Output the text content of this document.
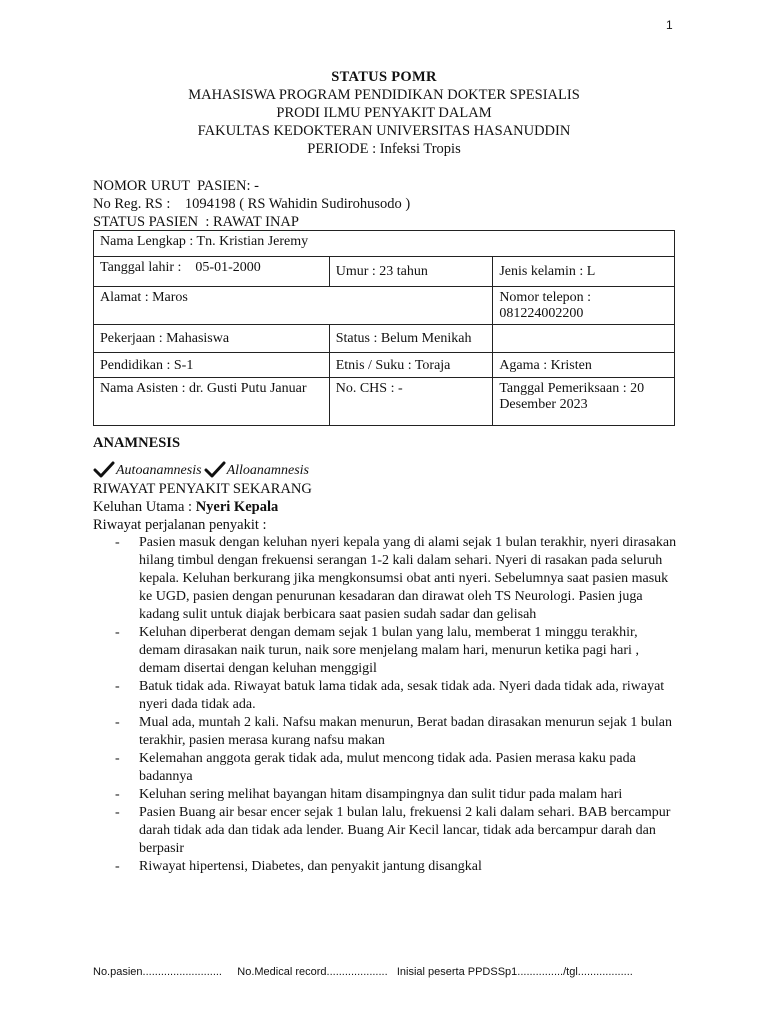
1
STATUS POMR
MAHASISWA PROGRAM PENDIDIKAN DOKTER SPESIALIS
PRODI ILMU PENYAKIT DALAM
FAKULTAS KEDOKTERAN UNIVERSITAS HASANUDDIN
PERIODE : Infeksi Tropis
NOMOR URUT  PASIEN: -
No Reg. RS :    1094198 ( RS Wahidin Sudirohusodo )
STATUS PASIEN  : RAWAT INAP
Nama Lengkap : Tn. Kristian Jeremy		
Tanggal lahir :    05-01-2000	Umur : 23 tahun	Jenis kelamin : L
Alamat : Maros		Nomor telepon : 081224002200
Pekerjaan : Mahasiswa	Status : Belum Menikah	
Pendidikan : S-1	Etnis / Suku : Toraja	Agama : Kristen
Nama Asisten : dr. Gusti Putu Januar	No. CHS : -	Tanggal Pemeriksaan : 20 Desember 2023
ANAMNESIS
Autoanamnesis Alloanamnesis
RIWAYAT PENYAKIT SEKARANG
Keluhan Utama : Nyeri Kepala
Riwayat perjalanan penyakit :
- Pasien masuk dengan keluhan nyeri kepala yang di alami sejak 1 bulan terakhir, nyeri dirasakan hilang timbul dengan frekuensi serangan 1-2 kali dalam sehari. Nyeri di rasakan pada seluruh kepala. Keluhan berkurang jika mengkonsumsi obat anti nyeri. Sebelumnya saat pasien masuk ke UGD, pasien dengan penurunan kesadaran dan dirawat oleh TS Neurologi. Pasien juga kadang sulit untuk diajak berbicara saat pasien sudah sadar dan gelisah
- Keluhan diperberat dengan demam sejak 1 bulan yang lalu, memberat 1 minggu terakhir, demam dirasakan naik turun, naik sore menjelang malam hari, menurun ketika pagi hari , demam disertai dengan keluhan menggigil
- Batuk tidak ada. Riwayat batuk lama tidak ada, sesak tidak ada. Nyeri dada tidak ada, riwayat nyeri dada tidak ada.
- Mual ada, muntah 2 kali. Nafsu makan menurun, Berat badan dirasakan menurun sejak 1 bulan terakhir, pasien merasa kurang nafsu makan
- Kelemahan anggota gerak tidak ada, mulut mencong tidak ada. Pasien merasa kaku pada badannya
- Keluhan sering melihat bayangan hitam disampingnya dan sulit tidur pada malam hari
- Pasien Buang air besar encer sejak 1 bulan lalu, frekuensi 2 kali dalam sehari. BAB bercampur darah tidak ada dan tidak ada lender. Buang Air Kecil lancar, tidak ada bercampur darah dan berpasir
- Riwayat hipertensi, Diabetes, dan penyakit jantung disangkal
No.pasien..........................     No.Medical record....................   Inisial peserta PPDSSp1.............../tgl..................
